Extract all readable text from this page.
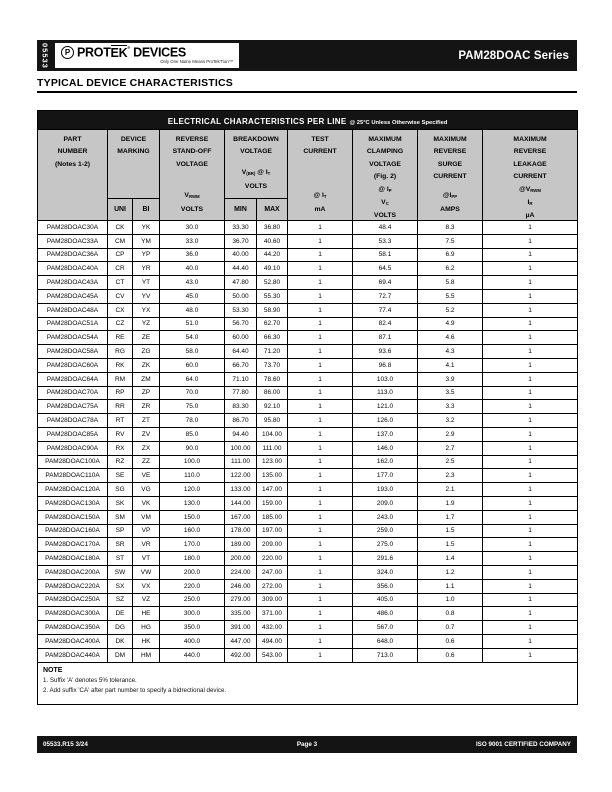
05533	P PROTEK® DEVICES
Only One Name Means ProTek'Tion™	PAM28DOAC Series
TYPICAL DEVICE CHARACTERISTICS
ELECTRICAL CHARACTERISTICS PER LINE @ 25°C Unless Otherwise Specified									

PART
NUMBER
(Notes 1-2)

DEVICE
MARKING

REVERSE
STAND-OFF
VOLTAGE
VRWM
VOLTS

BREAKDOWN
VOLTAGE
V(BR) @ IT
VOLTS

TEST
CURRENT
@ IT
mA

MAXIMUM
CLAMPING
VOLTAGE
(Fig. 2)
@ IP
VC
VOLTS

MAXIMUM
REVERSE
SURGE
CURRENT
@IPP
AMPS

MAXIMUM
REVERSE
LEAKAGE
CURRENT
@VRWM
IR
µA

	UNI	BI		MIN	MAX				
PAM28DOAC30A	CK	YK	30.0	33.30	36.80	1	48.4	8.3	1
PAM28DOAC33A	CM	YM	33.0	36.70	40.60	1	53.3	7.5	1
PAM28DOAC36A	CP	YP	36.0	40.00	44.20	1	58.1	6.9	1
PAM28DOAC40A	CR	YR	40.0	44.40	49.10	1	64.5	6.2	1
PAM28DOAC43A	CT	YT	43.0	47.80	52.80	1	69.4	5.8	1
PAM28DOAC45A	CV	YV	45.0	50.00	55.30	1	72.7	5.5	1
PAM28DOAC48A	CX	YX	48.0	53.30	58.90	1	77.4	5.2	1
PAM28DOAC51A	CZ	YZ	51.0	56.70	62.70	1	82.4	4.9	1
PAM28DOAC54A	RE	ZE	54.0	60.00	66.30	1	87.1	4.6	1
PAM28DOAC58A	RG	ZG	58.0	64.40	71.20	1	93.6	4.3	1
PAM28DOAC60A	RK	ZK	60.0	66.70	73.70	1	96.8	4.1	1
PAM28DOAC64A	RM	ZM	64.0	71.10	78.60	1	103.0	3.9	1
PAM28DOAC70A	RP	ZP	70.0	77.80	86.00	1	113.0	3.5	1
PAM28DOAC75A	RR	ZR	75.0	83.30	92.10	1	121.0	3.3	1
PAM28DOAC78A	RT	ZT	78.0	86.70	95.80	1	126.0	3.2	1
PAM28DOAC85A	RV	ZV	85.0	94.40	104.00	1	137.0	2.9	1
PAM28DOAC90A	RX	ZX	90.0	100.00	111.00	1	146.0	2.7	1
PAM28DOAC100A	RZ	ZZ	100.0	111.00	123.00	1	162.0	2.5	1
PAM28DOAC110A	SE	VE	110.0	122.00	135.00	1	177.0	2.3	1
PAM28DOAC120A	SG	VG	120.0	133.00	147.00	1	193.0	2.1	1
PAM28DOAC130A	SK	VK	130.0	144.00	159.00	1	209.0	1.9	1
PAM28DOAC150A	SM	VM	150.0	167.00	185.00	1	243.0	1.7	1
PAM28DOAC160A	SP	VP	160.0	178.00	197.00	1	259.0	1.5	1
PAM28DOAC170A	SR	VR	170.0	189.00	209.00	1	275.0	1.5	1
PAM28DOAC180A	ST	VT	180.0	200.00	220.00	1	291.6	1.4	1
PAM28DOAC200A	SW	VW	200.0	224.00	247.00	1	324.0	1.2	1
PAM28DOAC220A	SX	VX	220.0	246.00	272.00	1	356.0	1.1	1
PAM28DOAC250A	SZ	VZ	250.0	279.00	309.00	1	405.0	1.0	1
PAM28DOAC300A	DE	HE	300.0	335.00	371.00	1	486.0	0.8	1
PAM28DOAC350A	DG	HG	350.0	391.00	432.00	1	567.0	0.7	1
PAM28DOAC400A	DK	HK	400.0	447.00	494.00	1	648.0	0.6	1
PAM28DOAC440A	DM	HM	440.0	492.00	543.00	1	713.0	0.6	1

NOTE
1. Suffix 'A' denotes 5% tolerance.
2. Add suffix 'CA' after part number to specify a bidrectional device.									
05533.R15 3/24	Page 3	ISO 9001 CERTIFIED COMPANY
